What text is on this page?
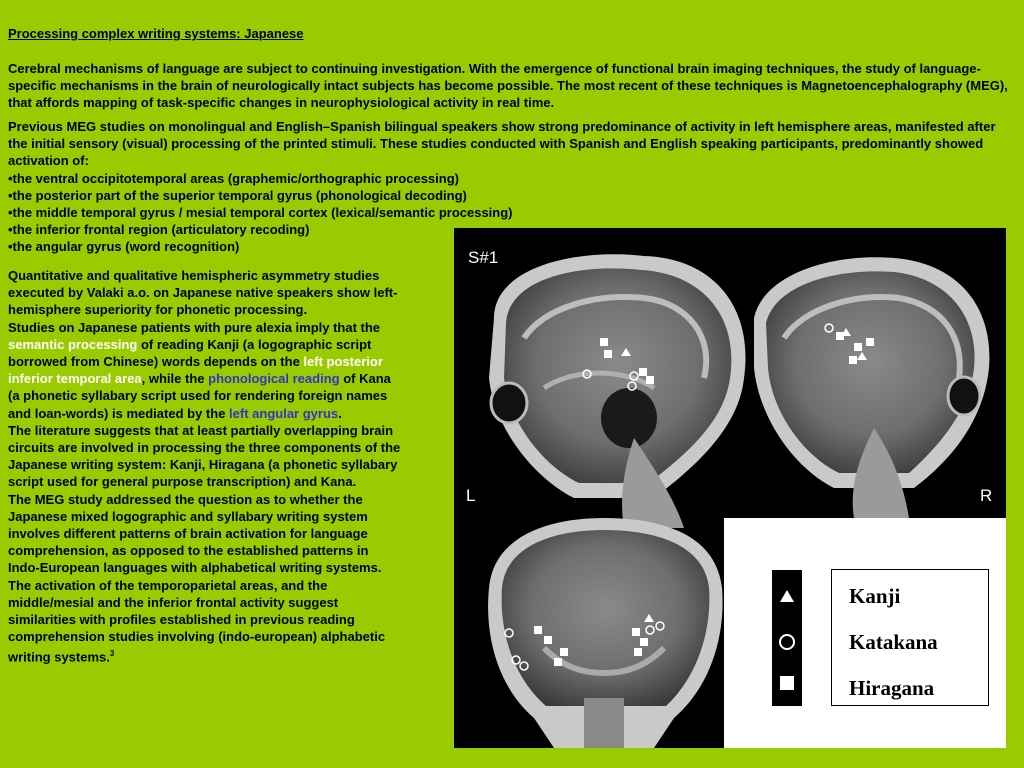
Processing complex writing systems: Japanese

Cerebral mechanisms of language are subject to continuing investigation. With the emergence of functional brain imaging techniques, the study of language-specific mechanisms in the brain of neurologically intact subjects has become possible. The most recent of these techniques is Magnetoencephalography (MEG), that affords mapping of task-specific changes in neurophysiological activity in real time.

Previous MEG studies on monolingual and English–Spanish bilingual speakers show strong predominance of activity in left hemisphere areas, manifested after the initial sensory (visual) processing of the printed stimuli. These studies conducted with Spanish and English speaking participants, predominantly showed activation of:
•the ventral occipitotemporal areas (graphemic/orthographic processing)
•the posterior part of the superior temporal gyrus (phonological decoding)
•the middle temporal gyrus / mesial temporal cortex (lexical/semantic processing)
•the inferior frontal region (articulatory recoding)
•the angular gyrus (word recognition)

Quantitative and qualitative hemispheric asymmetry studies executed by Valaki a.o. on Japanese native speakers show left-hemisphere superiority for phonetic processing.

Studies on Japanese patients with pure alexia imply that the semantic processing of reading Kanji (a logographic script borrowed from Chinese) words depends on the left posterior inferior temporal area, while the phonological reading of Kana (a phonetic syllabary script used for rendering foreign names and loan-words) is mediated by the left angular gyrus.

The literature suggests that at least partially overlapping brain circuits are involved in processing the three components of the Japanese writing system: Kanji, Hiragana (a phonetic syllabary script used for general purpose transcription) and Kana.

The MEG study addressed the question as to whether the Japanese mixed logographic and syllabary writing system involves different patterns of brain activation for language comprehension, as opposed to the established patterns in Indo-European languages with alphabetical writing systems.

The activation of the temporoparietal areas, and the middle/mesial and the inferior frontal activity suggest similarities with profiles established in previous reading comprehension studies involving (indo-european) alphabetic writing systems.$^3$

S#1
L	R
Kanji
Katakana
Hiragana
